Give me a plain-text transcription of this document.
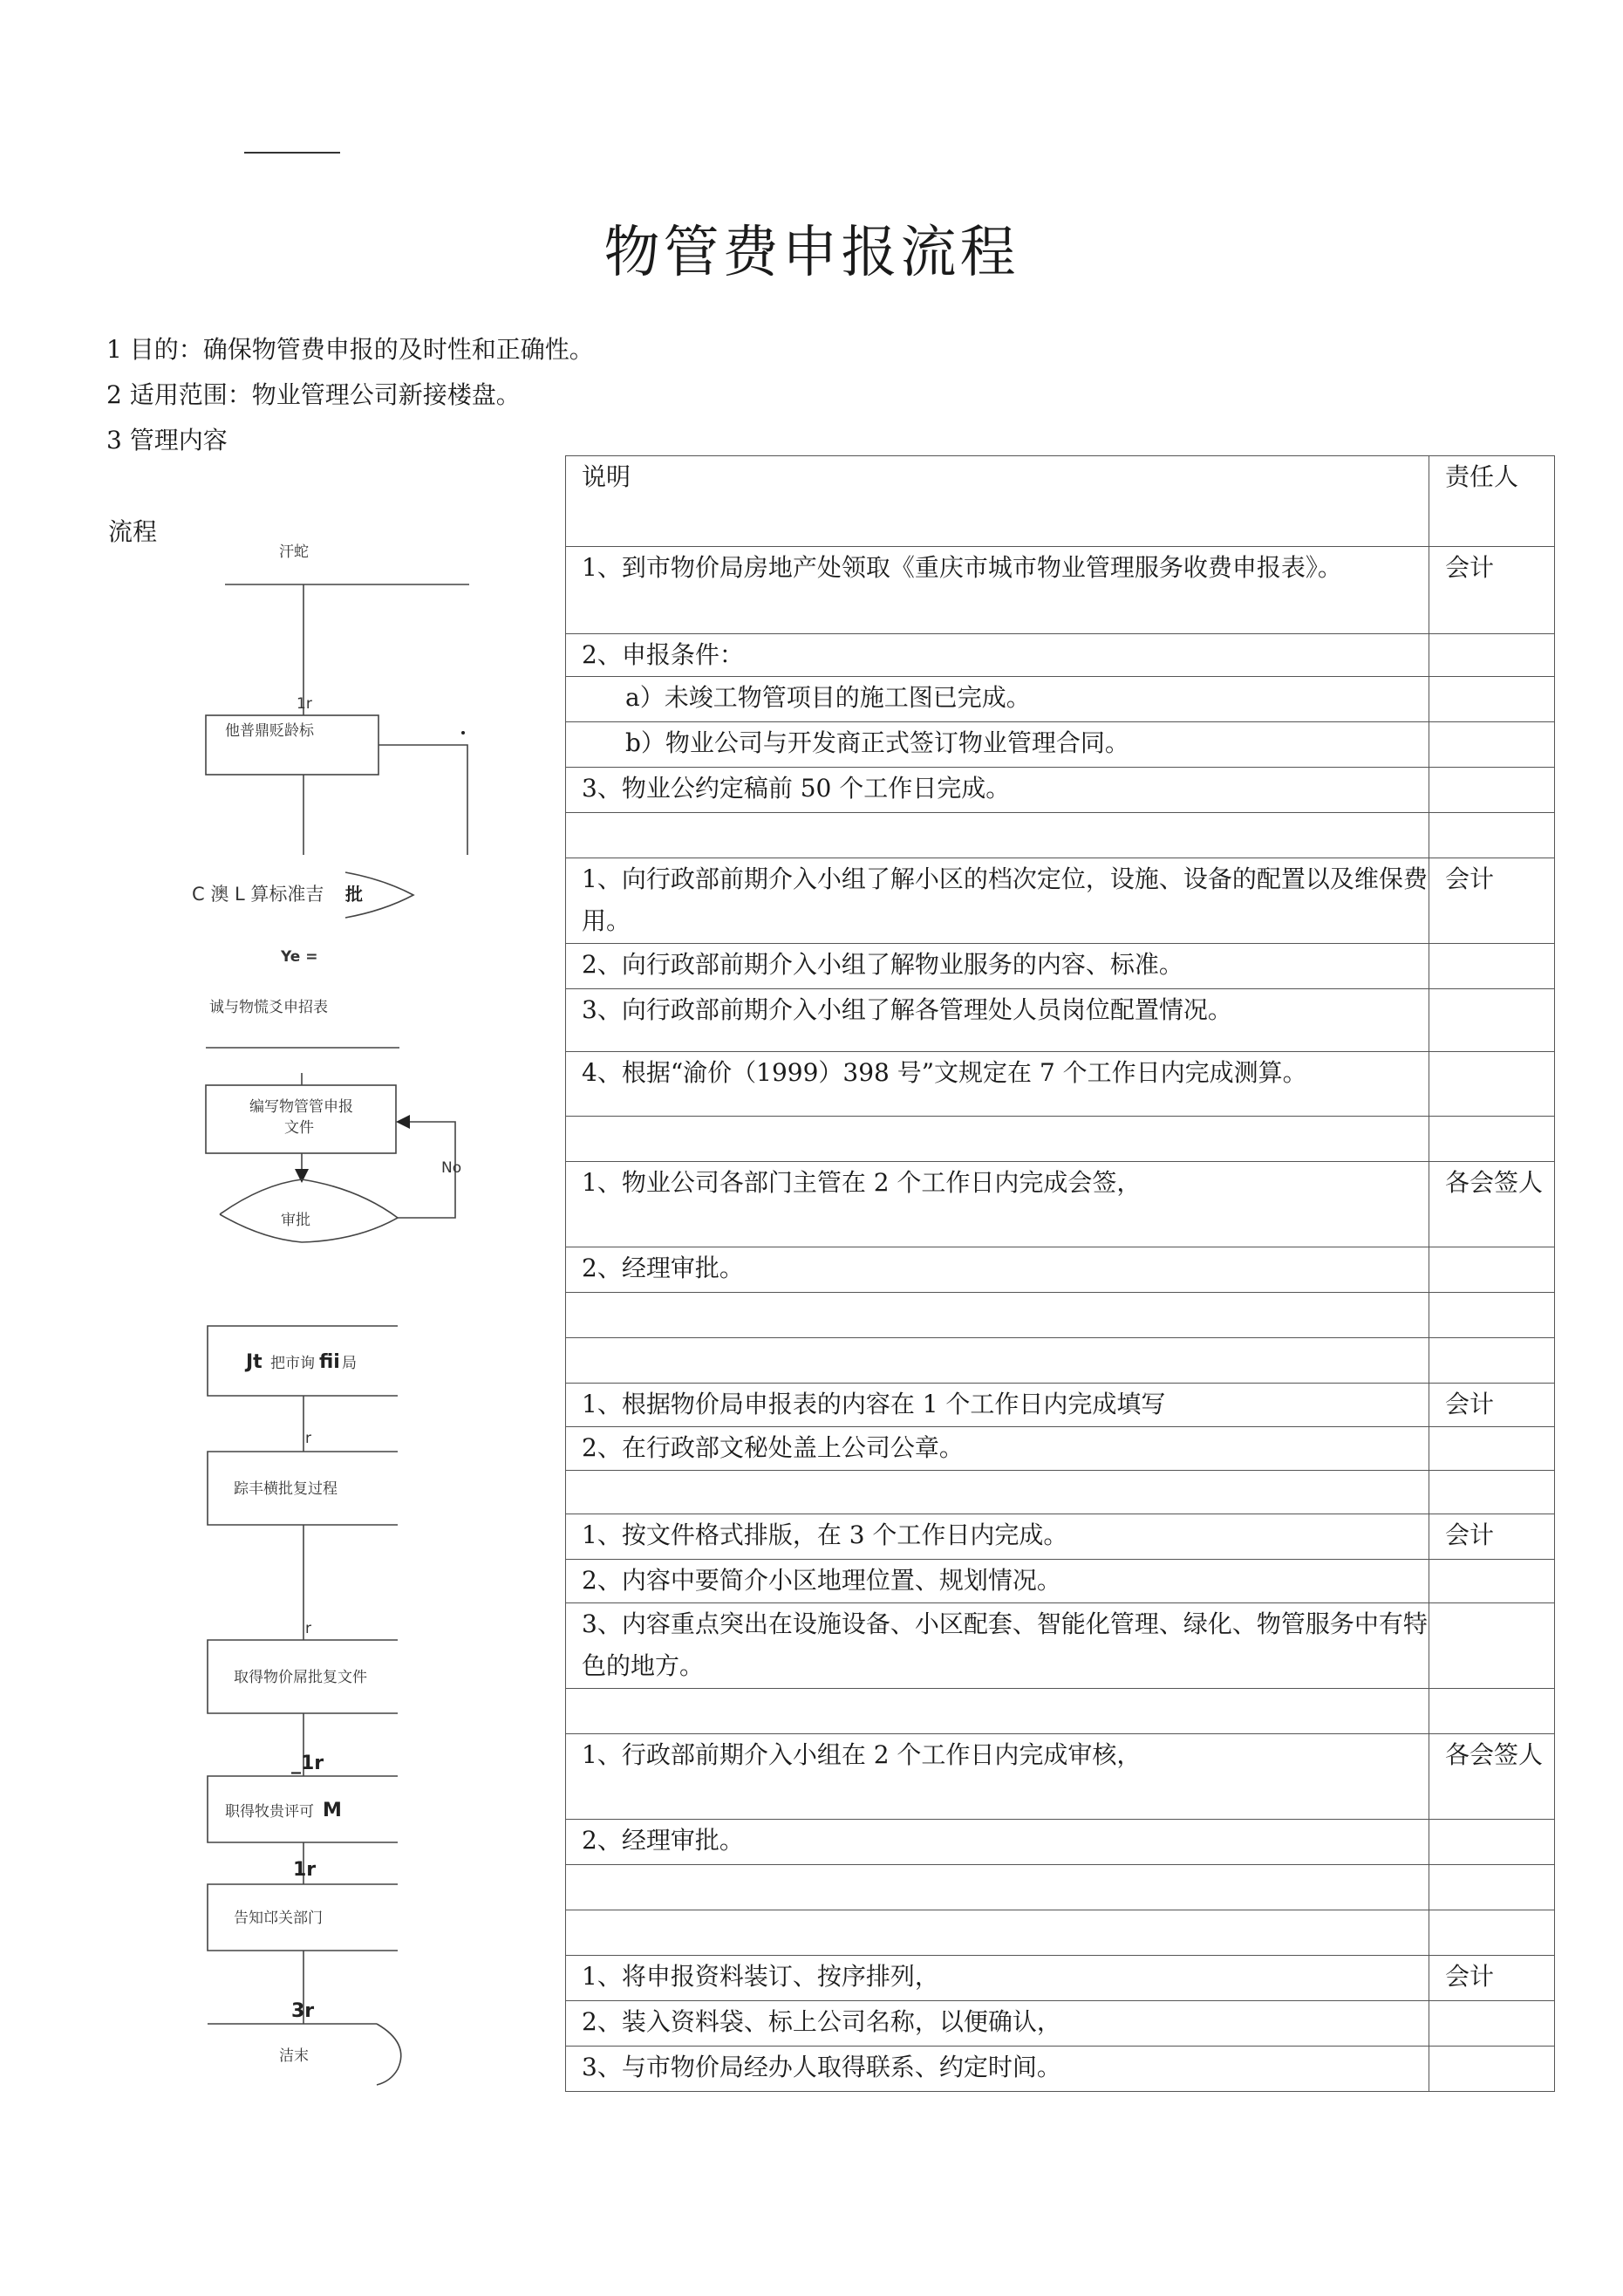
物管费申报流程
1 目的：确保物管费申报的及时性和正确性。
2 适用范围：物业管理公司新接楼盘。
3 管理内容
流程
汗蛇
1r
他普鼎贬龄标
C 澳 L 算标准吉 批
Ye =
诚与物慌爻申招表
编写物管管申报
文件
No
审批
Jt 把市询 fii 局
r
踪丰横批复过程
r
取得物价屌批复文件
_1r
职得牧贵评可 M
1r
告知邙关部门
3r
洁末
说明	责任人
1、到市物价局房地产处领取《重庆市城市物业管理服务收费申报表》。	会计
2、申报条件：	
a）未竣工物管项目的施工图已完成。	
b）物业公司与开发商正式签订物业管理合同。	
3、物业公约定稿前 50 个工作日完成。	

1、向行政部前期介入小组了解小区的档次定位，设施、设备的配置以及维保费用。	会计
2、向行政部前期介入小组了解物业服务的内容、标准。	
3、向行政部前期介入小组了解各管理处人员岗位配置情况。	
4、根据“渝价（1999）398 号”文规定在 7 个工作日内完成测算。	

1、物业公司各部门主管在 2 个工作日内完成会签，	各会签人
2、经理审批。	

1、根据物价局申报表的内容在 1 个工作日内完成填写	会计
2、在行政部文秘处盖上公司公章。	

1、按文件格式排版，在 3 个工作日内完成。	会计
2、内容中要简介小区地理位置、规划情况。	
3、内容重点突出在设施设备、小区配套、智能化管理、绿化、物管服务中有特色的地方。	

1、行政部前期介入小组在 2 个工作日内完成审核，	各会签人
2、经理审批。	

1、将申报资料装订、按序排列，	会计
2、装入资料袋、标上公司名称，以便确认，	
3、与市物价局经办人取得联系、约定时间。	
